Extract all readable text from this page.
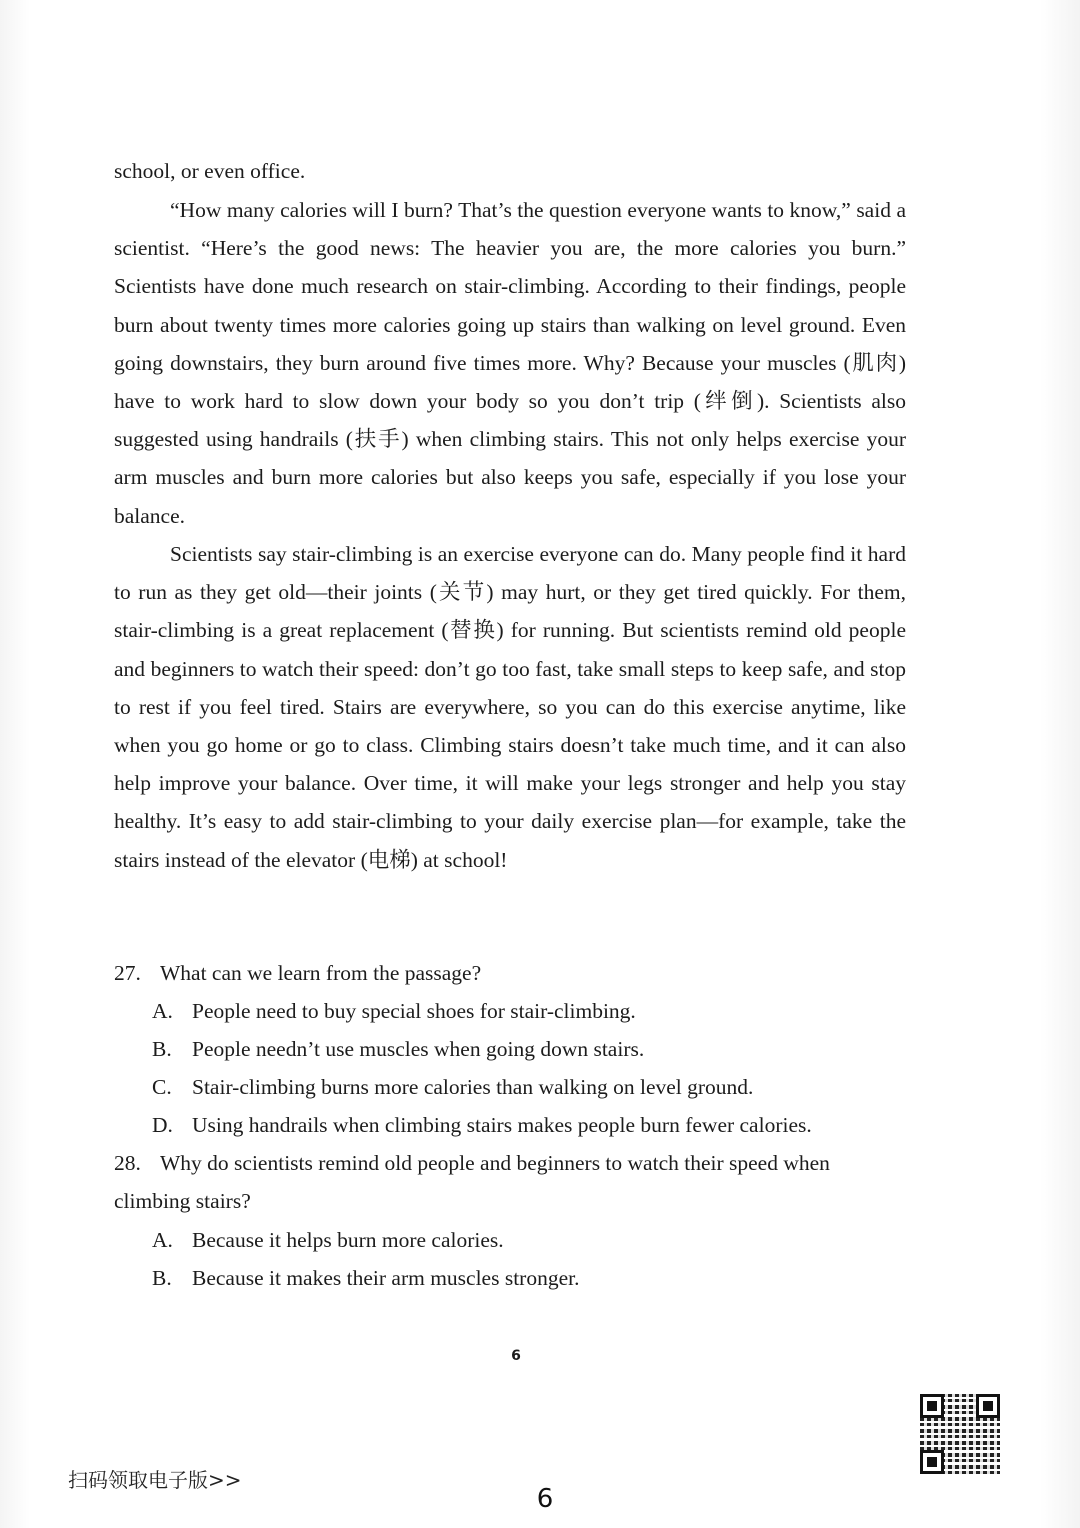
school, or even office.

“How many calories will I burn? That’s the question everyone wants to know,” said a scientist. “Here’s the good news: The heavier you are, the more calories you burn.” Scientists have done much research on stair-climbing. According to their findings, people burn about twenty times more calories going up stairs than walking on level ground. Even going downstairs, they burn around five times more. Why? Because your muscles (肌肉) have to work hard to slow down your body so you don’t trip (绊倒). Scientists also suggested using handrails (扶手) when climbing stairs. This not only helps exercise your arm muscles and burn more calories but also keeps you safe, especially if you lose your balance.

Scientists say stair-climbing is an exercise everyone can do. Many people find it hard to run as they get old—their joints (关节) may hurt, or they get tired quickly. For them, stair-climbing is a great replacement (替换) for running. But scientists remind old people and beginners to watch their speed: don’t go too fast, take small steps to keep safe, and stop to rest if you feel tired. Stairs are everywhere, so you can do this exercise anytime, like when you go home or go to class. Climbing stairs doesn’t take much time, and it can also help improve your balance. Over time, it will make your legs stronger and help you stay healthy. It’s easy to add stair-climbing to your daily exercise plan—for example, take the stairs instead of the elevator (电梯) at school!

27. What can we learn from the passage?
A. People need to buy special shoes for stair-climbing.
B. People needn’t use muscles when going down stairs.
C. Stair-climbing burns more calories than walking on level ground.
D. Using handrails when climbing stairs makes people burn fewer calories.
28. Why do scientists remind old people and beginners to watch their speed when climbing stairs?
A. Because it helps burn more calories.
B. Because it makes their arm muscles stronger.
6
扫码领取电子版>>
6
